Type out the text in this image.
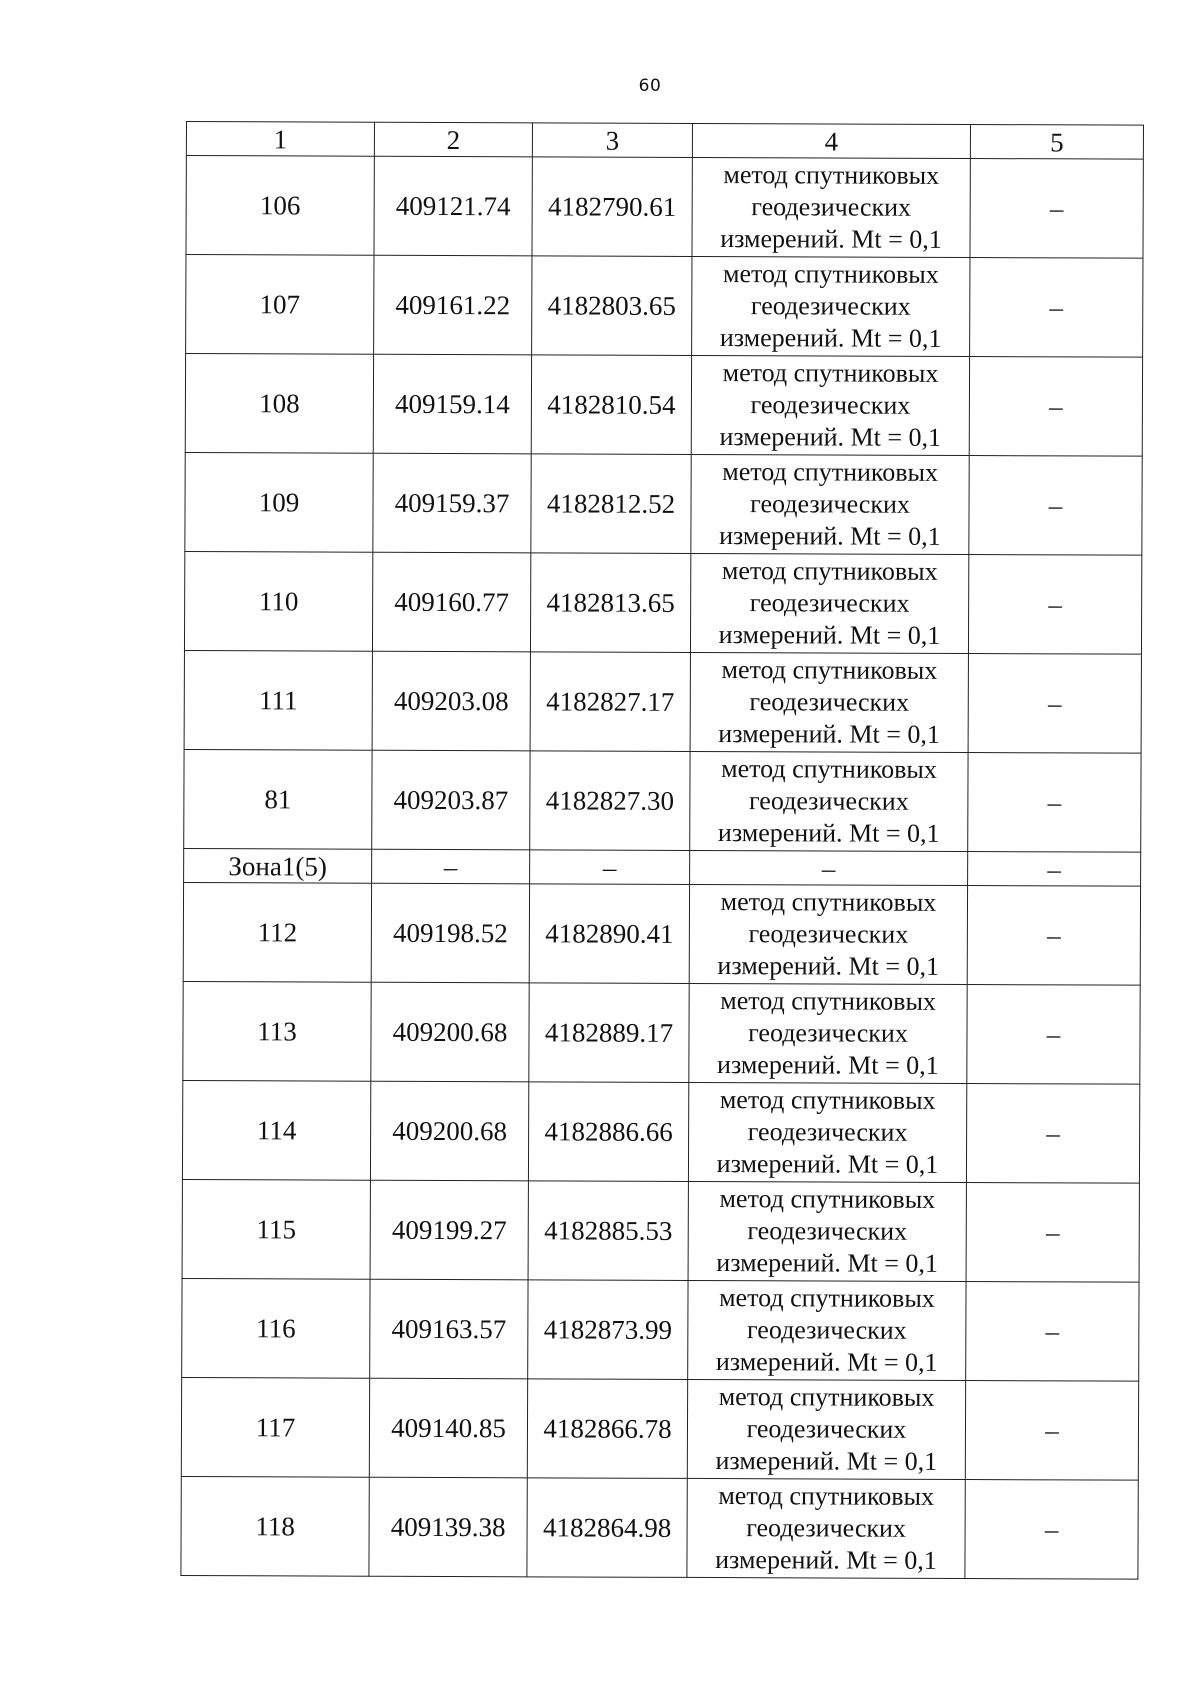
60
1	2	3	4	5
106	409121.74	4182790.61	метод спутниковых
геодезических
измерений. Mt = 0,1	–
107	409161.22	4182803.65	метод спутниковых
геодезических
измерений. Mt = 0,1	–
108	409159.14	4182810.54	метод спутниковых
геодезических
измерений. Mt = 0,1	–
109	409159.37	4182812.52	метод спутниковых
геодезических
измерений. Mt = 0,1	–
110	409160.77	4182813.65	метод спутниковых
геодезических
измерений. Mt = 0,1	–
111	409203.08	4182827.17	метод спутниковых
геодезических
измерений. Mt = 0,1	–
81	409203.87	4182827.30	метод спутниковых
геодезических
измерений. Mt = 0,1	–
Зона1(5)	–	–	–	–
112	409198.52	4182890.41	метод спутниковых
геодезических
измерений. Mt = 0,1	–
113	409200.68	4182889.17	метод спутниковых
геодезических
измерений. Mt = 0,1	–
114	409200.68	4182886.66	метод спутниковых
геодезических
измерений. Mt = 0,1	–
115	409199.27	4182885.53	метод спутниковых
геодезических
измерений. Mt = 0,1	–
116	409163.57	4182873.99	метод спутниковых
геодезических
измерений. Mt = 0,1	–
117	409140.85	4182866.78	метод спутниковых
геодезических
измерений. Mt = 0,1	–
118	409139.38	4182864.98	метод спутниковых
геодезических
измерений. Mt = 0,1	–
